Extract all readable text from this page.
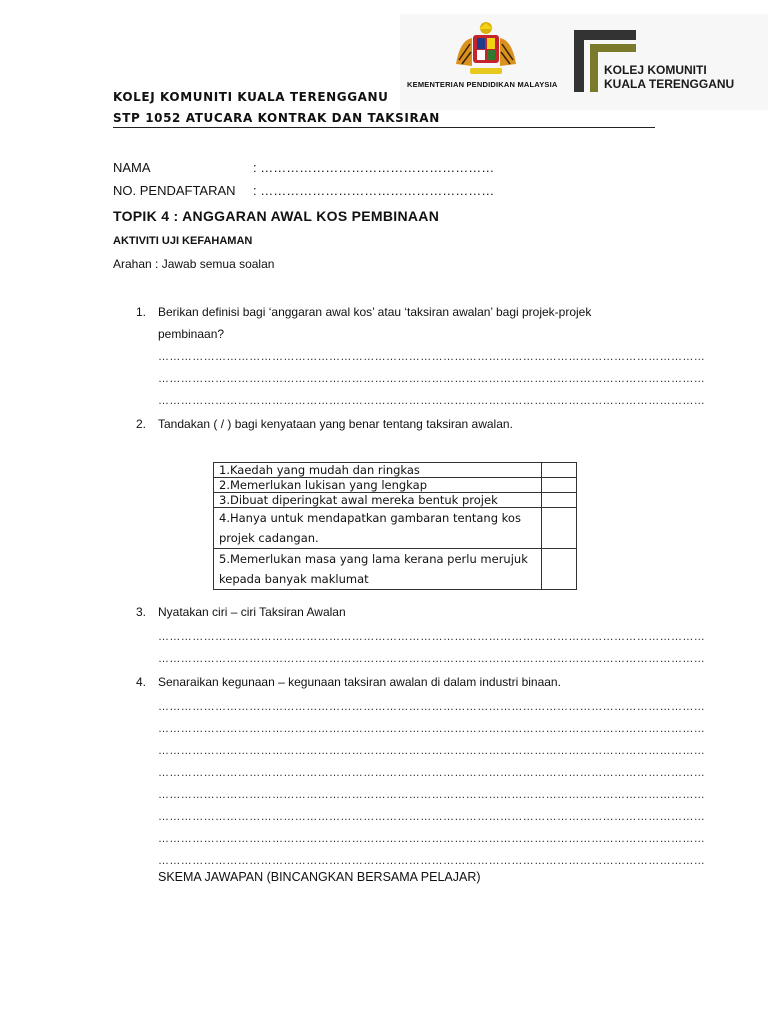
KEMENTERIAN PENDIDIKAN MALAYSIA
KOLEJ KOMUNITI
KUALA TERENGGANU
KOLEJ KOMUNITI KUALA TERENGGANU
STP 1052 ATUCARA KONTRAK DAN TAKSIRAN
NAMA	: ………………………………………………
NO. PENDAFTARAN : ………………………………………………
TOPIK 4 : ANGGARAN AWAL KOS PEMBINAAN
AKTIVITI UJI KEFAHAMAN
Arahan : Jawab semua soalan
1. Berikan definisi bagi ‘anggaran awal kos’ atau ‘taksiran awalan’ bagi projek-projek
pembinaan?
………………………………………………………………………………………………………………………………
………………………………………………………………………………………………………………………………
………………………………………………………………………………………………………………………………
2. Tandakan ( / ) bagi kenyataan yang benar tentang taksiran awalan.
1.Kaedah yang mudah dan ringkas	
2.Memerlukan lukisan yang lengkap	
3.Dibuat diperingkat awal mereka bentuk projek	

4.Hanya untuk mendapatkan gambaran tentang kos
projek cadangan.	

5.Memerlukan masa yang lama kerana perlu merujuk
kepada banyak maklumat	

3. Nyatakan ciri – ciri Taksiran Awalan
………………………………………………………………………………………………………………………………
………………………………………………………………………………………………………………………………
4. Senaraikan kegunaan – kegunaan taksiran awalan di dalam industri binaan.
………………………………………………………………………………………………………………………………
………………………………………………………………………………………………………………………………
………………………………………………………………………………………………………………………………
………………………………………………………………………………………………………………………………
………………………………………………………………………………………………………………………………
………………………………………………………………………………………………………………………………
………………………………………………………………………………………………………………………………
………………………………………………………………………………………………………………………………
SKEMA JAWAPAN (BINCANGKAN BERSAMA PELAJAR)
